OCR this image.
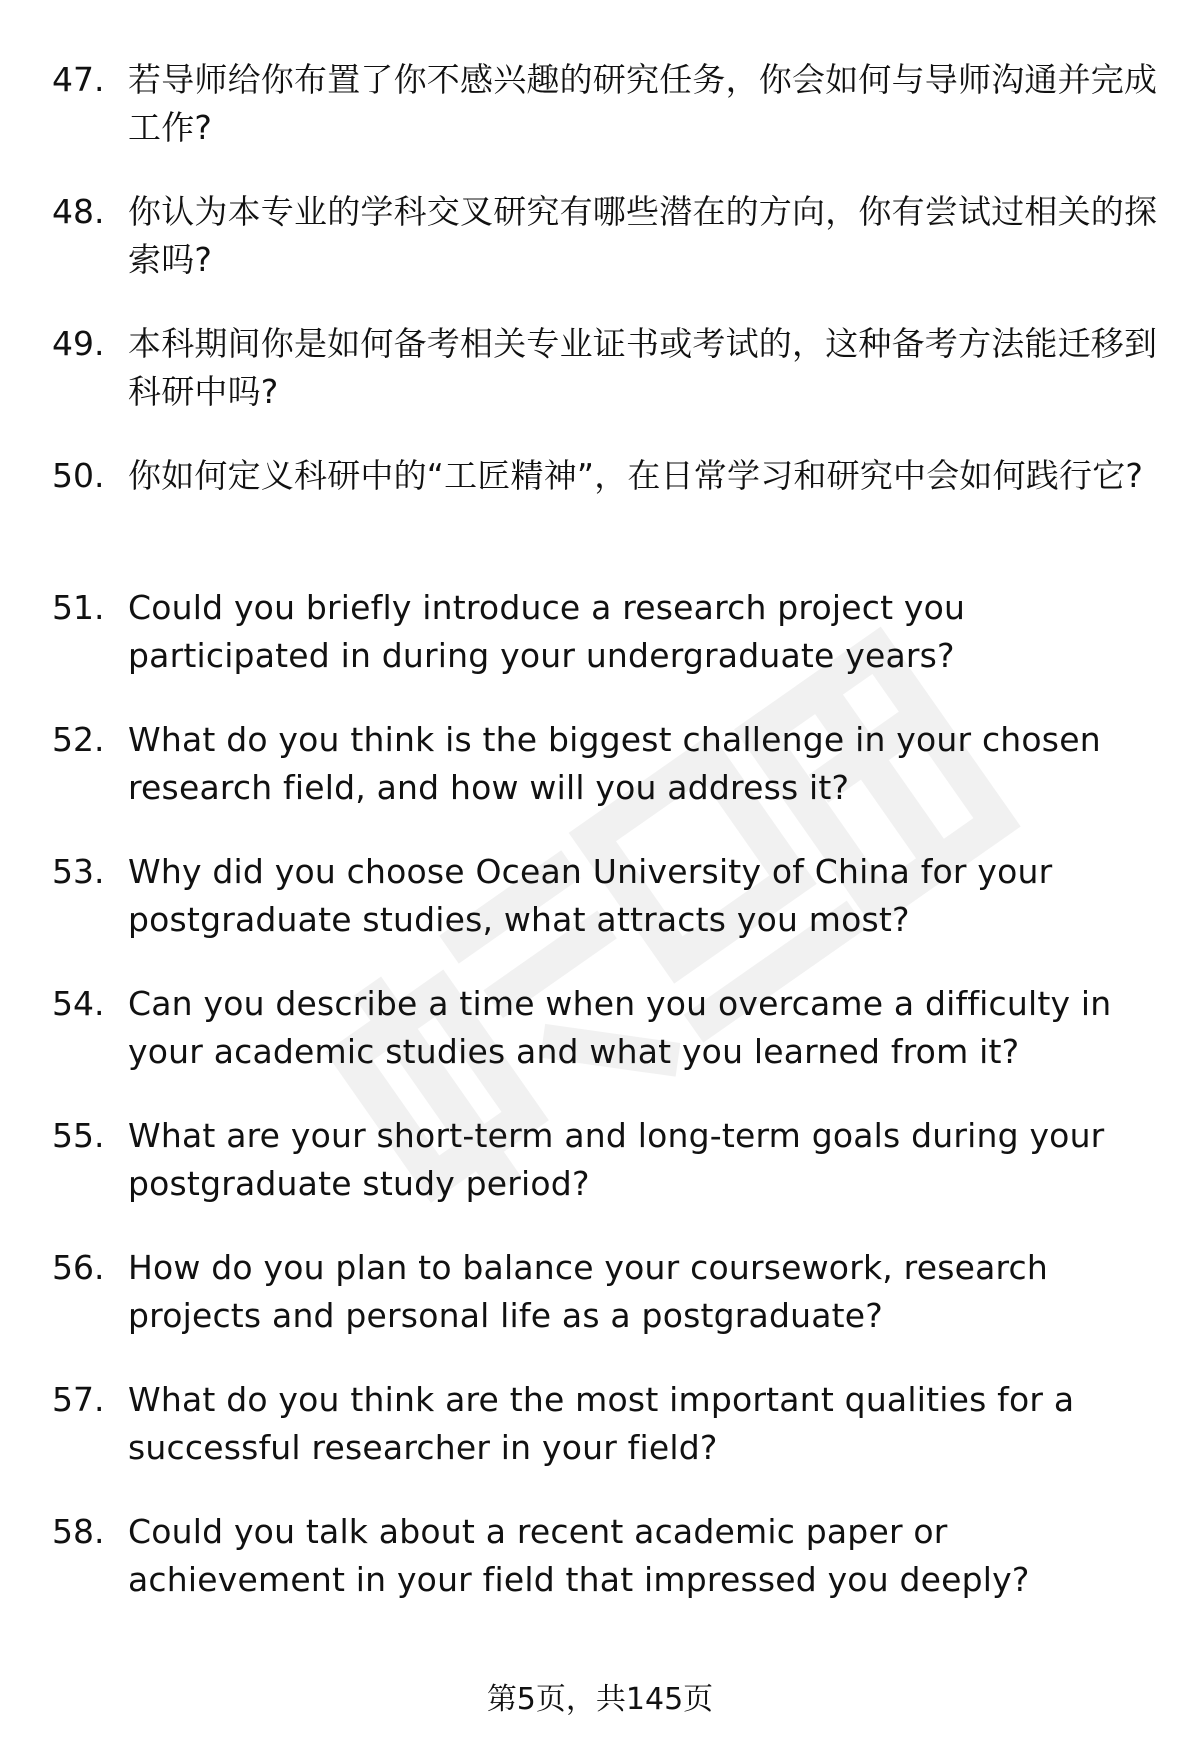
47. 若导师给你布置了你不感兴趣的研究任务，你会如何与导师沟通并完成工作?
48. 你认为本专业的学科交叉研究有哪些潜在的方向，你有尝试过相关的探索吗?
49. 本科期间你是如何备考相关专业证书或考试的，这种备考方法能迁移到科研中吗?
50. 你如何定义科研中的“工匠精神”，在日常学习和研究中会如何践行它?
51. Could you briefly introduce a research project you participated in during your undergraduate years?
52. What do you think is the biggest challenge in your chosen research field, and how will you address it?
53. Why did you choose Ocean University of China for your postgraduate studies, what attracts you most?
54. Can you describe a time when you overcame a difficulty in your academic studies and what you learned from it?
55. What are your short-term and long-term goals during your postgraduate study period?
56. How do you plan to balance your coursework, research projects and personal life as a postgraduate?
57. What do you think are the most important qualities for a successful researcher in your field?
58. Could you talk about a recent academic paper or achievement in your field that impressed you deeply?
第5页，共145页
